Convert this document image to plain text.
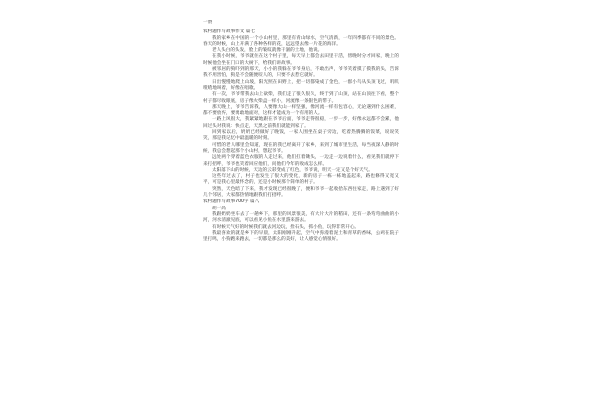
一赞
农村题作写故事作文 篇七
我的家乡在中国的一个小山村里，那里有青山绿水，空气清新，一年四季都有不同的景色。春天的时候，山上开满了各种各样的花，远远望去像一片花的海洋。
老人头白的头发，脸上的皱纹就像干涸的土地，他说。
在我小时候，爷爷就住在这个村子里，每天早上都会去田里干活，傍晚时分才回家，晚上的时候他会坐在门口的大树下，给我们讲故事。
被邻居的狗吓到的那天，小小的我躲在爷爷身后，不敢出声，爷爷笑着摸了摸我的头，告诉我不用害怕，狗是不会随便咬人的，只要不去惹它就好。
日出慢慢地爬上山坡，阳光照在田野上，把一切都染成了金色，一群小鸟从头顶飞过，叽叽喳喳地叫着，好像在唱歌。
有一次，爷爷带我去山上砍柴，我们走了很久很久，终于到了山顶，站在山顶往下看，整个村子都尽收眼底，房子像火柴盒一样小，河流像一条银色的带子。
那天晚上，爷爷告诉我，人要像大山一样坚强，像河流一样有包容心，无论遇到什么困难，都不要放弃，要勇敢地面对，这样才能成为一个有用的人。
一路上风很大，我紧紧地跟在爷爷后面，爷爷走得很稳，一步一步，好像永远都不会累，他回过头对我说：快点走，天黑之前我们就能到家了。
回到家以后，奶奶已经做好了晚饭，一家人围坐在桌子旁边，吃着热腾腾的饭菜，说说笑笑，那是我记忆中最温暖的时刻。
可惜的老人哪里会知道，现在的我已经离开了家乡，来到了城市里生活，每当夜深人静的时候，我总会想起那个小山村，想起爷爷。
远处两个穿着蓝色衣服的人走过来，他们扛着锄头，一边走一边说着什么，看见我们就停下来打招呼，爷爷也笑着回应他们，问他们今年的收成怎么样。
太阳落下山的时候，天边的云彩变成了红色，爷爷说，明天一定又是个好天气。
这些年过去了，村子也发生了很大的变化，新的房子一栋一栋地盖起来，路也修得又宽又平，可是我心里最怀念的，还是小时候那个简单的村子。
突然，天色暗了下来，我才发现已经很晚了，便和爷爷一起收拾东西往家走，路上遇到了好几个邻居，大家都热情地跟我们打招呼。
农村题作写故事700字 篇八
胡一高
我跟奶奶坐车去了一趟乡下，那里的风景很美，有大片大片的稻田，还有一条弯弯曲曲的小河，河水清澈见底，可以看见小鱼在水里游来游去。
有时候天气好的时候我们就去河边玩，捡石头，抓小鱼，玩得非常开心。
我最喜欢的就是乡下的早晨，太阳刚刚升起，空气中弥漫着泥土和青草的香味，公鸡在院子里打鸣，小狗跑来跑去，一切都是那么的美好，让人感觉心情很好。
